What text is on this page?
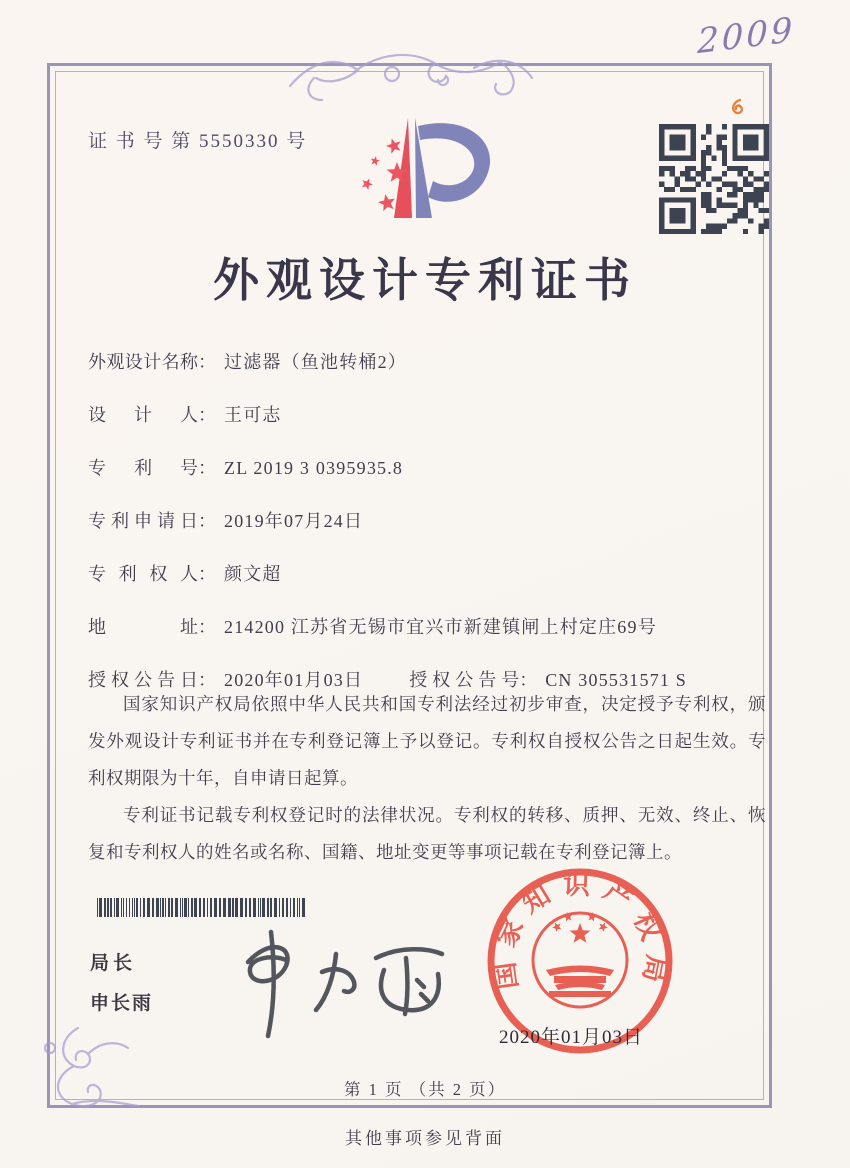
2009
证 书 号 第 5550330 号
外观设计专利证书
外观设计名称： 过滤器（鱼池转桶2）
设计人： 王可志
专利号： ZL 2019 3 0395935.8
专利申请日： 2019年07月24日
专利权人： 颜文超
地址： 214200 江苏省无锡市宜兴市新建镇闸上村定庄69号
授权公告日： 2020年01月03日	授权公告号： CN 305531571 S

国家知识产权局依照中华人民共和国专利法经过初步审查，决定授予专利权，颁发外观设计专利证书并在专利登记簿上予以登记。专利权自授权公告之日起生效。专利权期限为十年，自申请日起算。

专利证书记载专利权登记时的法律状况。专利权的转移、质押、无效、终止、恢复和专利权人的姓名或名称、国籍、地址变更等事项记载在专利登记簿上。

局长
申长雨
国家知识产权局
2020年01月03日
第 1 页 （共 2 页）
其他事项参见背面
